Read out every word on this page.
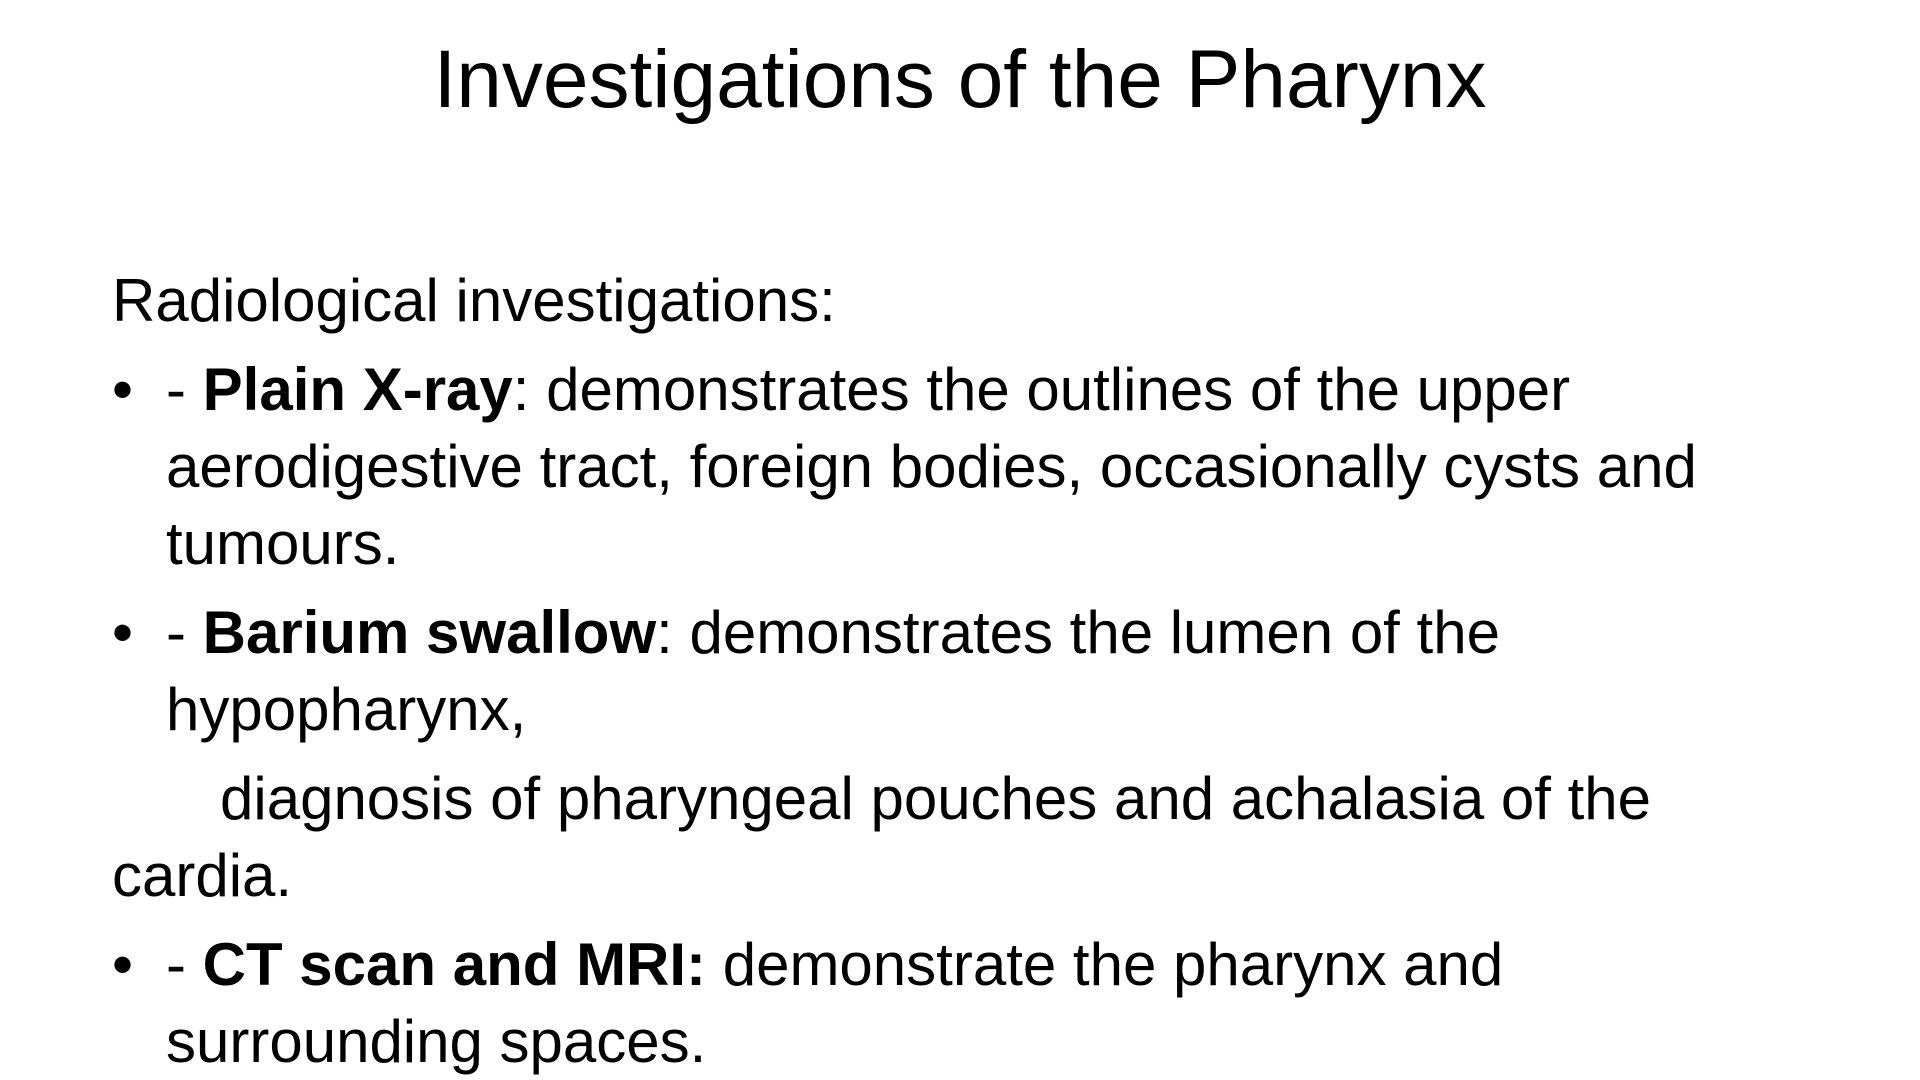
Investigations of the Pharynx

Radiological investigations:

• - Plain X-ray: demonstrates the outlines of the upper aerodigestive tract, foreign bodies, occasionally cysts and tumours.

• - Barium swallow: demonstrates the lumen of the hypopharynx,

diagnosis of pharyngeal pouches and achalasia of the cardia.

• - CT scan and MRI: demonstrate the pharynx and surrounding spaces.
